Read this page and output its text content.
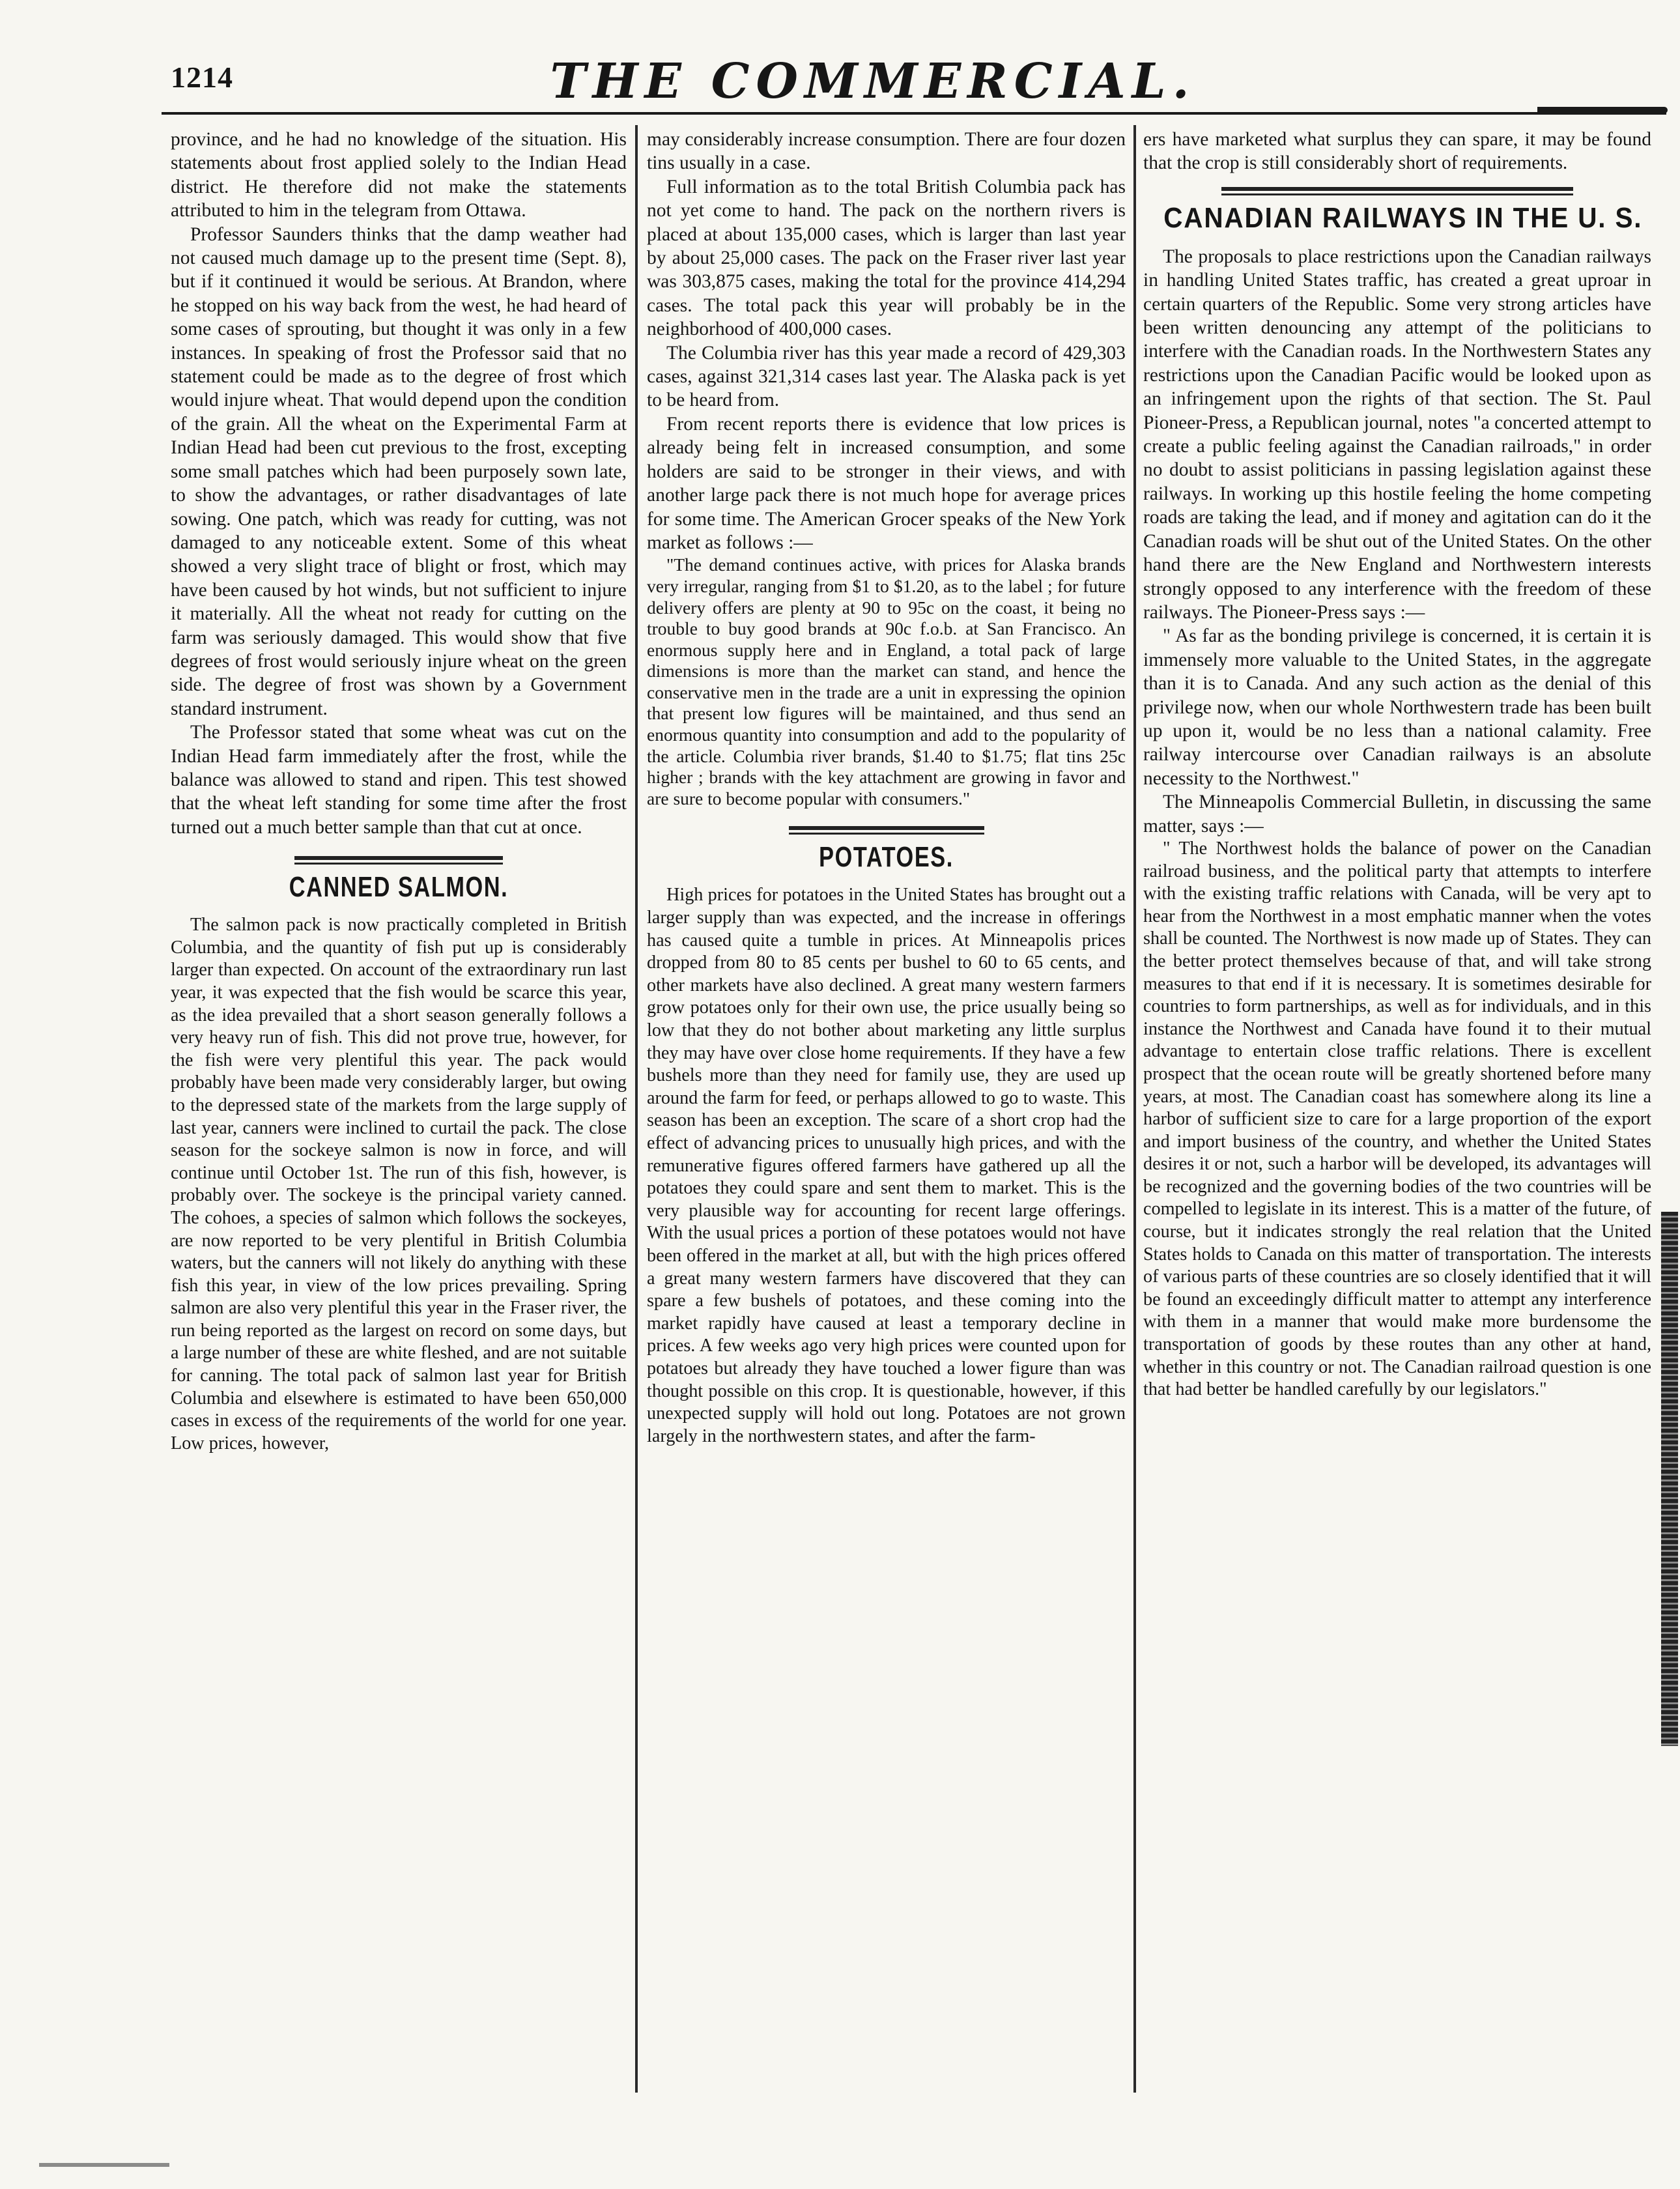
1214	THE COMMERCIAL.

province, and he had no knowledge of the situation. His statements about frost applied solely to the Indian Head district. He therefore did not make the statements attributed to him in the telegram from Ottawa.

Professor Saunders thinks that the damp weather had not caused much damage up to the present time (Sept. 8), but if it continued it would be serious. At Brandon, where he stopped on his way back from the west, he had heard of some cases of sprouting, but thought it was only in a few instances. In speaking of frost the Professor said that no statement could be made as to the degree of frost which would injure wheat. That would depend upon the condition of the grain. All the wheat on the Experimental Farm at Indian Head had been cut previous to the frost, excepting some small patches which had been purposely sown late, to show the advantages, or rather disadvantages of late sowing. One patch, which was ready for cutting, was not damaged to any noticeable extent. Some of this wheat showed a very slight trace of blight or frost, which may have been caused by hot winds, but not sufficient to injure it materially. All the wheat not ready for cutting on the farm was seriously damaged. This would show that five degrees of frost would seriously injure wheat on the green side. The degree of frost was shown by a Government standard instrument.

The Professor stated that some wheat was cut on the Indian Head farm immediately after the frost, while the balance was allowed to stand and ripen. This test showed that the wheat left standing for some time after the frost turned out a much better sample than that cut at once.

CANNED SALMON.

The salmon pack is now practically completed in British Columbia, and the quantity of fish put up is considerably larger than expected. On account of the extraordinary run last year, it was expected that the fish would be scarce this year, as the idea prevailed that a short season generally follows a very heavy run of fish. This did not prove true, however, for the fish were very plentiful this year. The pack would probably have been made very considerably larger, but owing to the depressed state of the markets from the large supply of last year, canners were inclined to curtail the pack. The close season for the sockeye salmon is now in force, and will continue until October 1st. The run of this fish, however, is probably over. The sockeye is the principal variety canned. The cohoes, a species of salmon which follows the sockeyes, are now reported to be very plentiful in British Columbia waters, but the canners will not likely do anything with these fish this year, in view of the low prices prevailing. Spring salmon are also very plentiful this year in the Fraser river, the run being reported as the largest on record on some days, but a large number of these are white fleshed, and are not suitable for canning. The total pack of salmon last year for British Columbia and elsewhere is estimated to have been 650,000 cases in excess of the requirements of the world for one year. Low prices, however,

may considerably increase consumption. There are four dozen tins usually in a case.

Full information as to the total British Columbia pack has not yet come to hand. The pack on the northern rivers is placed at about 135,000 cases, which is larger than last year by about 25,000 cases. The pack on the Fraser river last year was 303,875 cases, making the total for the province 414,294 cases. The total pack this year will probably be in the neighborhood of 400,000 cases.

The Columbia river has this year made a record of 429,303 cases, against 321,314 cases last year. The Alaska pack is yet to be heard from.

From recent reports there is evidence that low prices is already being felt in increased consumption, and some holders are said to be stronger in their views, and with another large pack there is not much hope for average prices for some time. The American Grocer speaks of the New York market as follows :—

"The demand continues active, with prices for Alaska brands very irregular, ranging from $1 to $1.20, as to the label ; for future delivery offers are plenty at 90 to 95c on the coast, it being no trouble to buy good brands at 90c f.o.b. at San Francisco. An enormous supply here and in England, a total pack of large dimensions is more than the market can stand, and hence the conservative men in the trade are a unit in expressing the opinion that present low figures will be maintained, and thus send an enormous quantity into consumption and add to the popularity of the article. Columbia river brands, $1.40 to $1.75; flat tins 25c higher ; brands with the key attachment are growing in favor and are sure to become popular with consumers."

POTATOES.

High prices for potatoes in the United States has brought out a larger supply than was expected, and the increase in offerings has caused quite a tumble in prices. At Minneapolis prices dropped from 80 to 85 cents per bushel to 60 to 65 cents, and other markets have also declined. A great many western farmers grow potatoes only for their own use, the price usually being so low that they do not bother about marketing any little surplus they may have over close home requirements. If they have a few bushels more than they need for family use, they are used up around the farm for feed, or perhaps allowed to go to waste. This season has been an exception. The scare of a short crop had the effect of advancing prices to unusually high prices, and with the remunerative figures offered farmers have gathered up all the potatoes they could spare and sent them to market. This is the very plausible way for accounting for recent large offerings. With the usual prices a portion of these potatoes would not have been offered in the market at all, but with the high prices offered a great many western farmers have discovered that they can spare a few bushels of potatoes, and these coming into the market rapidly have caused at least a temporary decline in prices. A few weeks ago very high prices were counted upon for potatoes but already they have touched a lower figure than was thought possible on this crop. It is questionable, however, if this unexpected supply will hold out long. Potatoes are not grown largely in the northwestern states, and after the farm-

ers have marketed what surplus they can spare, it may be found that the crop is still considerably short of requirements.

CANADIAN RAILWAYS IN THE U. S.

The proposals to place restrictions upon the Canadian railways in handling United States traffic, has created a great uproar in certain quarters of the Republic. Some very strong articles have been written denouncing any attempt of the politicians to interfere with the Canadian roads. In the Northwestern States any restrictions upon the Canadian Pacific would be looked upon as an infringement upon the rights of that section. The St. Paul Pioneer-Press, a Republican journal, notes "a concerted attempt to create a public feeling against the Canadian railroads," in order no doubt to assist politicians in passing legislation against these railways. In working up this hostile feeling the home competing roads are taking the lead, and if money and agitation can do it the Canadian roads will be shut out of the United States. On the other hand there are the New England and Northwestern interests strongly opposed to any interference with the freedom of these railways. The Pioneer-Press says :—

" As far as the bonding privilege is concerned, it is certain it is immensely more valuable to the United States, in the aggregate than it is to Canada. And any such action as the denial of this privilege now, when our whole Northwestern trade has been built up upon it, would be no less than a national calamity. Free railway intercourse over Canadian railways is an absolute necessity to the Northwest."

The Minneapolis Commercial Bulletin, in discussing the same matter, says :—

" The Northwest holds the balance of power on the Canadian railroad business, and the political party that attempts to interfere with the existing traffic relations with Canada, will be very apt to hear from the Northwest in a most emphatic manner when the votes shall be counted. The Northwest is now made up of States. They can the better protect themselves because of that, and will take strong measures to that end if it is necessary. It is sometimes desirable for countries to form partnerships, as well as for individuals, and in this instance the Northwest and Canada have found it to their mutual advantage to entertain close traffic relations. There is excellent prospect that the ocean route will be greatly shortened before many years, at most. The Canadian coast has somewhere along its line a harbor of sufficient size to care for a large proportion of the export and import business of the country, and whether the United States desires it or not, such a harbor will be developed, its advantages will be recognized and the governing bodies of the two countries will be compelled to legislate in its interest. This is a matter of the future, of course, but it indicates strongly the real relation that the United States holds to Canada on this matter of transportation. The interests of various parts of these countries are so closely identified that it will be found an exceedingly difficult matter to attempt any interference with them in a manner that would make more burdensome the transportation of goods by these routes than any other at hand, whether in this country or not. The Canadian railroad question is one that had better be handled carefully by our legislators."
